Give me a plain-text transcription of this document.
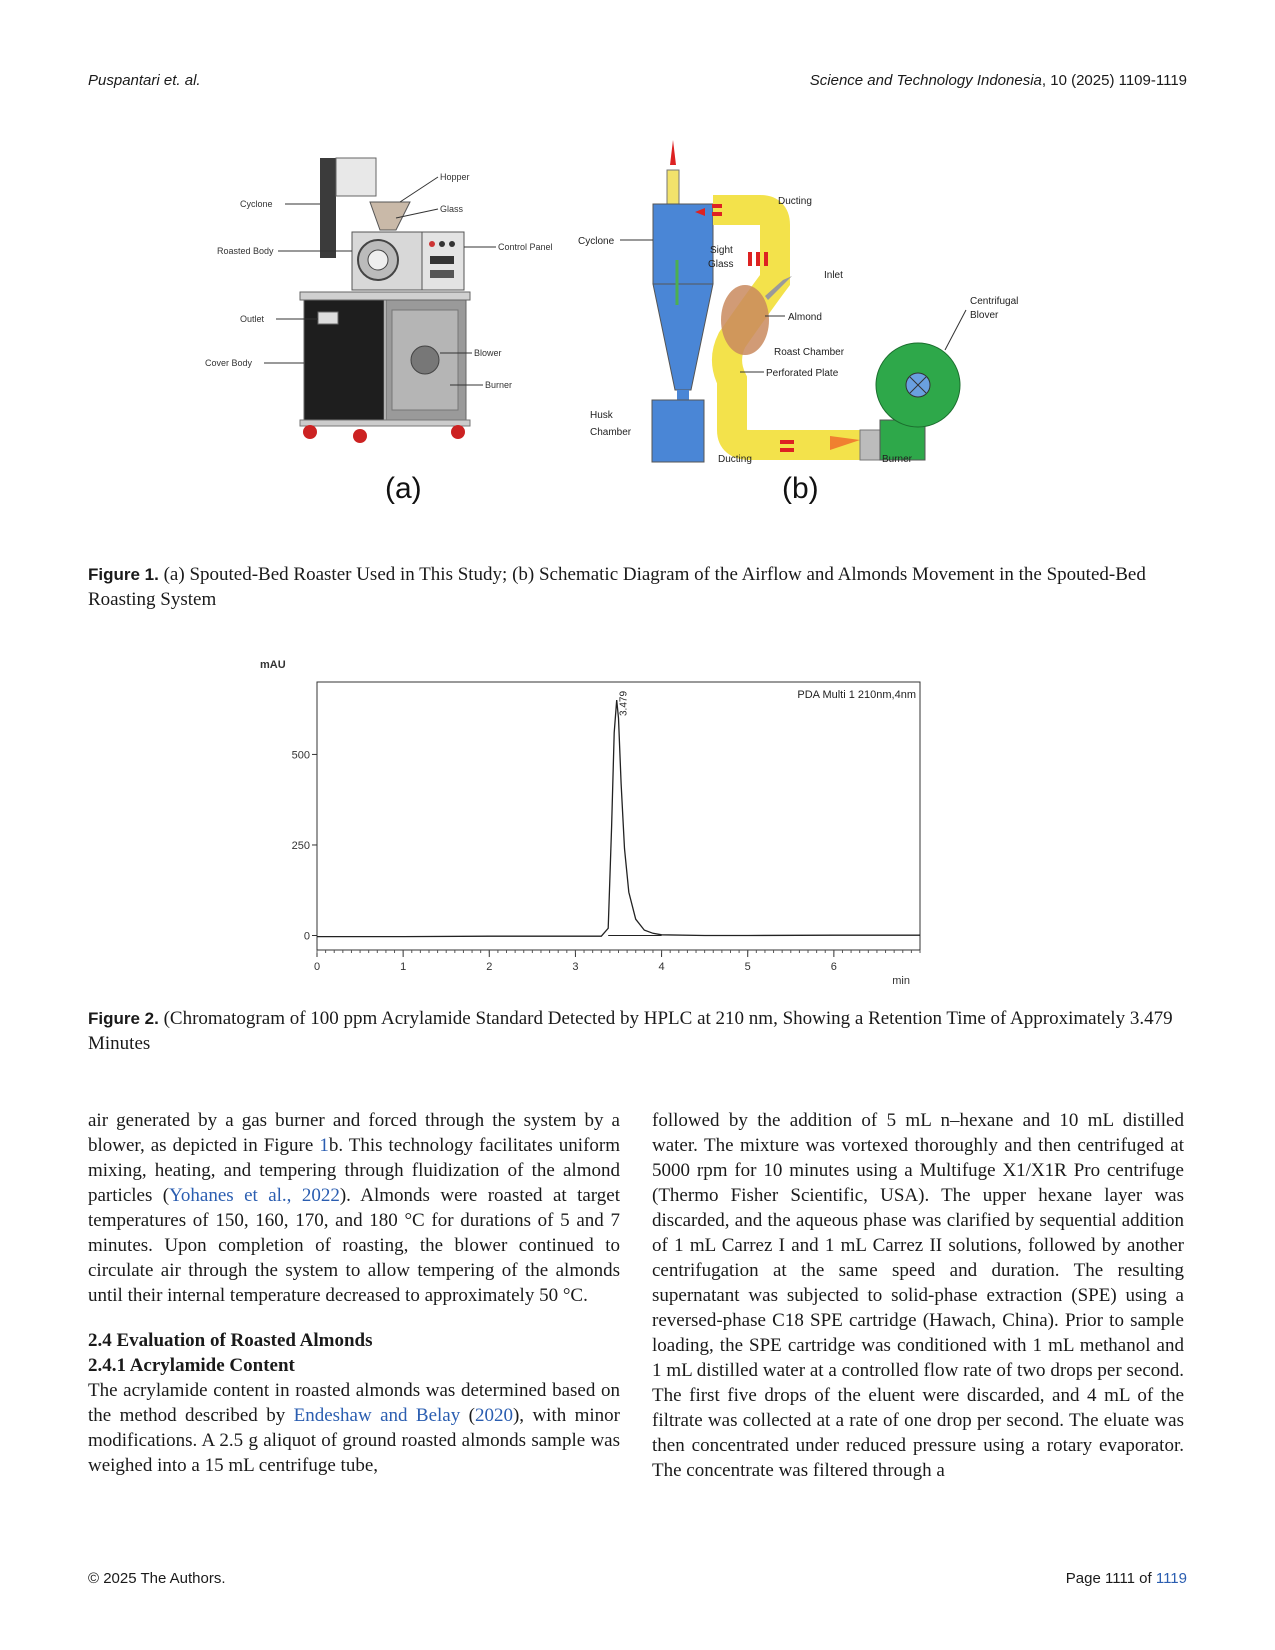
Puspantari et. al.	Science and Technology Indonesia, 10 (2025) 1109-1119
Hopper
Glass
Cyclone
Roasted Body	Control Panel
Outlet
Cover Body
Blower
Burner
(a)
Ducting
Cyclone
Sight
Glass
Inlet
Centrifugal
Blover
Almond
Roast Chamber
Perforated Plate
Husk
Chamber
Ducting	Burner
(b)
Figure 1. (a) Spouted-Bed Roaster Used in This Study; (b) Schematic Diagram of the Airflow and Almonds Movement in the Spouted-Bed Roasting System
mAU
PDA Multi 1 210nm,4nm
min
0	1	2	3	4	5	6
0
250
500
3.479
Figure 2. (Chromatogram of 100 ppm Acrylamide Standard Detected by HPLC at 210 nm, Showing a Retention Time of Approximately 3.479 Minutes

air generated by a gas burner and forced through the system by a blower, as depicted in Figure 1b. This technology facilitates uniform mixing, heating, and tempering through fluidization of the almond particles (Yohanes et al., 2022). Almonds were roasted at target temperatures of 150, 160, 170, and 180 °C for durations of 5 and 7 minutes. Upon completion of roasting, the blower continued to circulate air through the system to allow tempering of the almonds until their internal temperature decreased to approximately 50 °C.

2.4 Evaluation of Roasted Almonds

2.4.1 Acrylamide Content

The acrylamide content in roasted almonds was determined based on the method described by Endeshaw and Belay (2020), with minor modifications. A 2.5 g aliquot of ground roasted almonds sample was weighed into a 15 mL centrifuge tube,

followed by the addition of 5 mL n–hexane and 10 mL distilled water. The mixture was vortexed thoroughly and then centrifuged at 5000 rpm for 10 minutes using a Multifuge X1/X1R Pro centrifuge (Thermo Fisher Scientific, USA). The upper hexane layer was discarded, and the aqueous phase was clarified by sequential addition of 1 mL Carrez I and 1 mL Carrez II solutions, followed by another centrifugation at the same speed and duration. The resulting supernatant was subjected to solid-phase extraction (SPE) using a reversed-phase C18 SPE cartridge (Hawach, China). Prior to sample loading, the SPE cartridge was conditioned with 1 mL methanol and 1 mL distilled water at a controlled flow rate of two drops per second. The first five drops of the eluent were discarded, and 4 mL of the filtrate was collected at a rate of one drop per second. The eluate was then concentrated under reduced pressure using a rotary evaporator. The concentrate was filtered through a

© 2025 The Authors.	Page 1111 of 1119
